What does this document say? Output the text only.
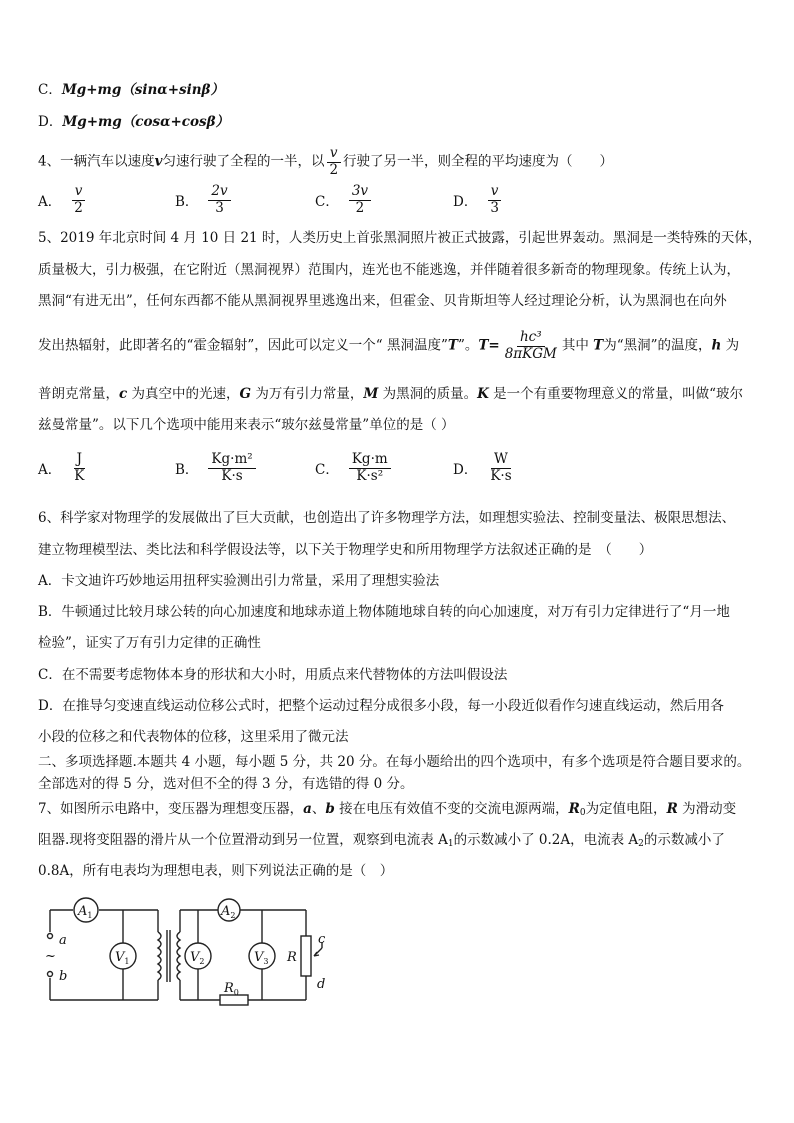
C．Mg+mg（sinα+sinβ）
D．Mg+mg（cosα+cosβ）
4、一辆汽车以速度v匀速行驶了全程的一半，以 $\frac{v}{2}$ 行驶了另一半，则全程的平均速度为（　　）
A． $\frac{v}{2}$	B． $\frac{2v}{3}$	C． $\frac{3v}{2}$	D． $\frac{v}{3}$
5、2019 年北京时间 4 月 10 日 21 时，人类历史上首张黑洞照片被正式披露，引起世界轰动。黑洞是一类特殊的天体，
质量极大，引力极强，在它附近（黑洞视界）范围内，连光也不能逃逸，并伴随着很多新奇的物理现象。传统上认为，
黑洞“有进无出”，任何东西都不能从黑洞视界里逃逸出来，但霍金、贝肯斯坦等人经过理论分析，认为黑洞也在向外
发出热辐射，此即著名的“霍金辐射”，因此可以定义一个“ 黑洞温度”T”。$T= \frac{\text{hc³}}{\text{8πKGM}}$ 其中 T为“黑洞”的温度，h 为
普朗克常量，c 为真空中的光速，G 为万有引力常量，M 为黑洞的质量。K 是一个有重要物理意义的常量，叫做“玻尔
兹曼常量”。以下几个选项中能用来表示“玻尔兹曼常量”单位的是（ ）
A． $\frac{J}{K}$	B． $\frac{\text{Kg·m²}}{K\cdot s}$	C． $\frac{Kg\cdot m}{\text{K·s²}}$	D． $\frac{W}{K\cdot s}$
6、科学家对物理学的发展做出了巨大贡献，也创造出了许多物理学方法，如理想实验法、控制变量法、极限思想法、
建立物理模型法、类比法和科学假设法等，以下关于物理学史和所用物理学方法叙述正确的是　（　　）
A．卡文迪许巧妙地运用扭秤实验测出引力常量，采用了理想实验法
B．牛顿通过比较月球公转的向心加速度和地球赤道上物体随地球自转的向心加速度，对万有引力定律进行了“月一地
检验”，证实了万有引力定律的正确性
C．在不需要考虑物体本身的形状和大小时，用质点来代替物体的方法叫假设法
D．在推导匀变速直线运动位移公式时，把整个运动过程分成很多小段，每一小段近似看作匀速直线运动，然后用各
小段的位移之和代表物体的位移，这里采用了微元法
二、多项选择题.本题共 4 小题，每小题 5 分，共 20 分。在每小题给出的四个选项中，有多个选项是符合题目要求的。
全部选对的得 5 分，选对但不全的得 3 分，有选错的得 0 分。
7、如图所示电路中，变压器为理想变压器，a、b 接在电压有效值不变的交流电源两端，$R_0$为定值电阻，R 为滑动变
阻器.现将变阻器的滑片从一个位置滑动到另一位置，观察到电流表 $A_1$的示数减小了 0.2A，电流表 $A_2$的示数减小了
0.8A，所有电表均为理想电表，则下列说法正确的是（　）
$A_1$	$A_2$
$V_1$	$V_2$	$V_3$
a
~
b
R
c
d
$R_0$
